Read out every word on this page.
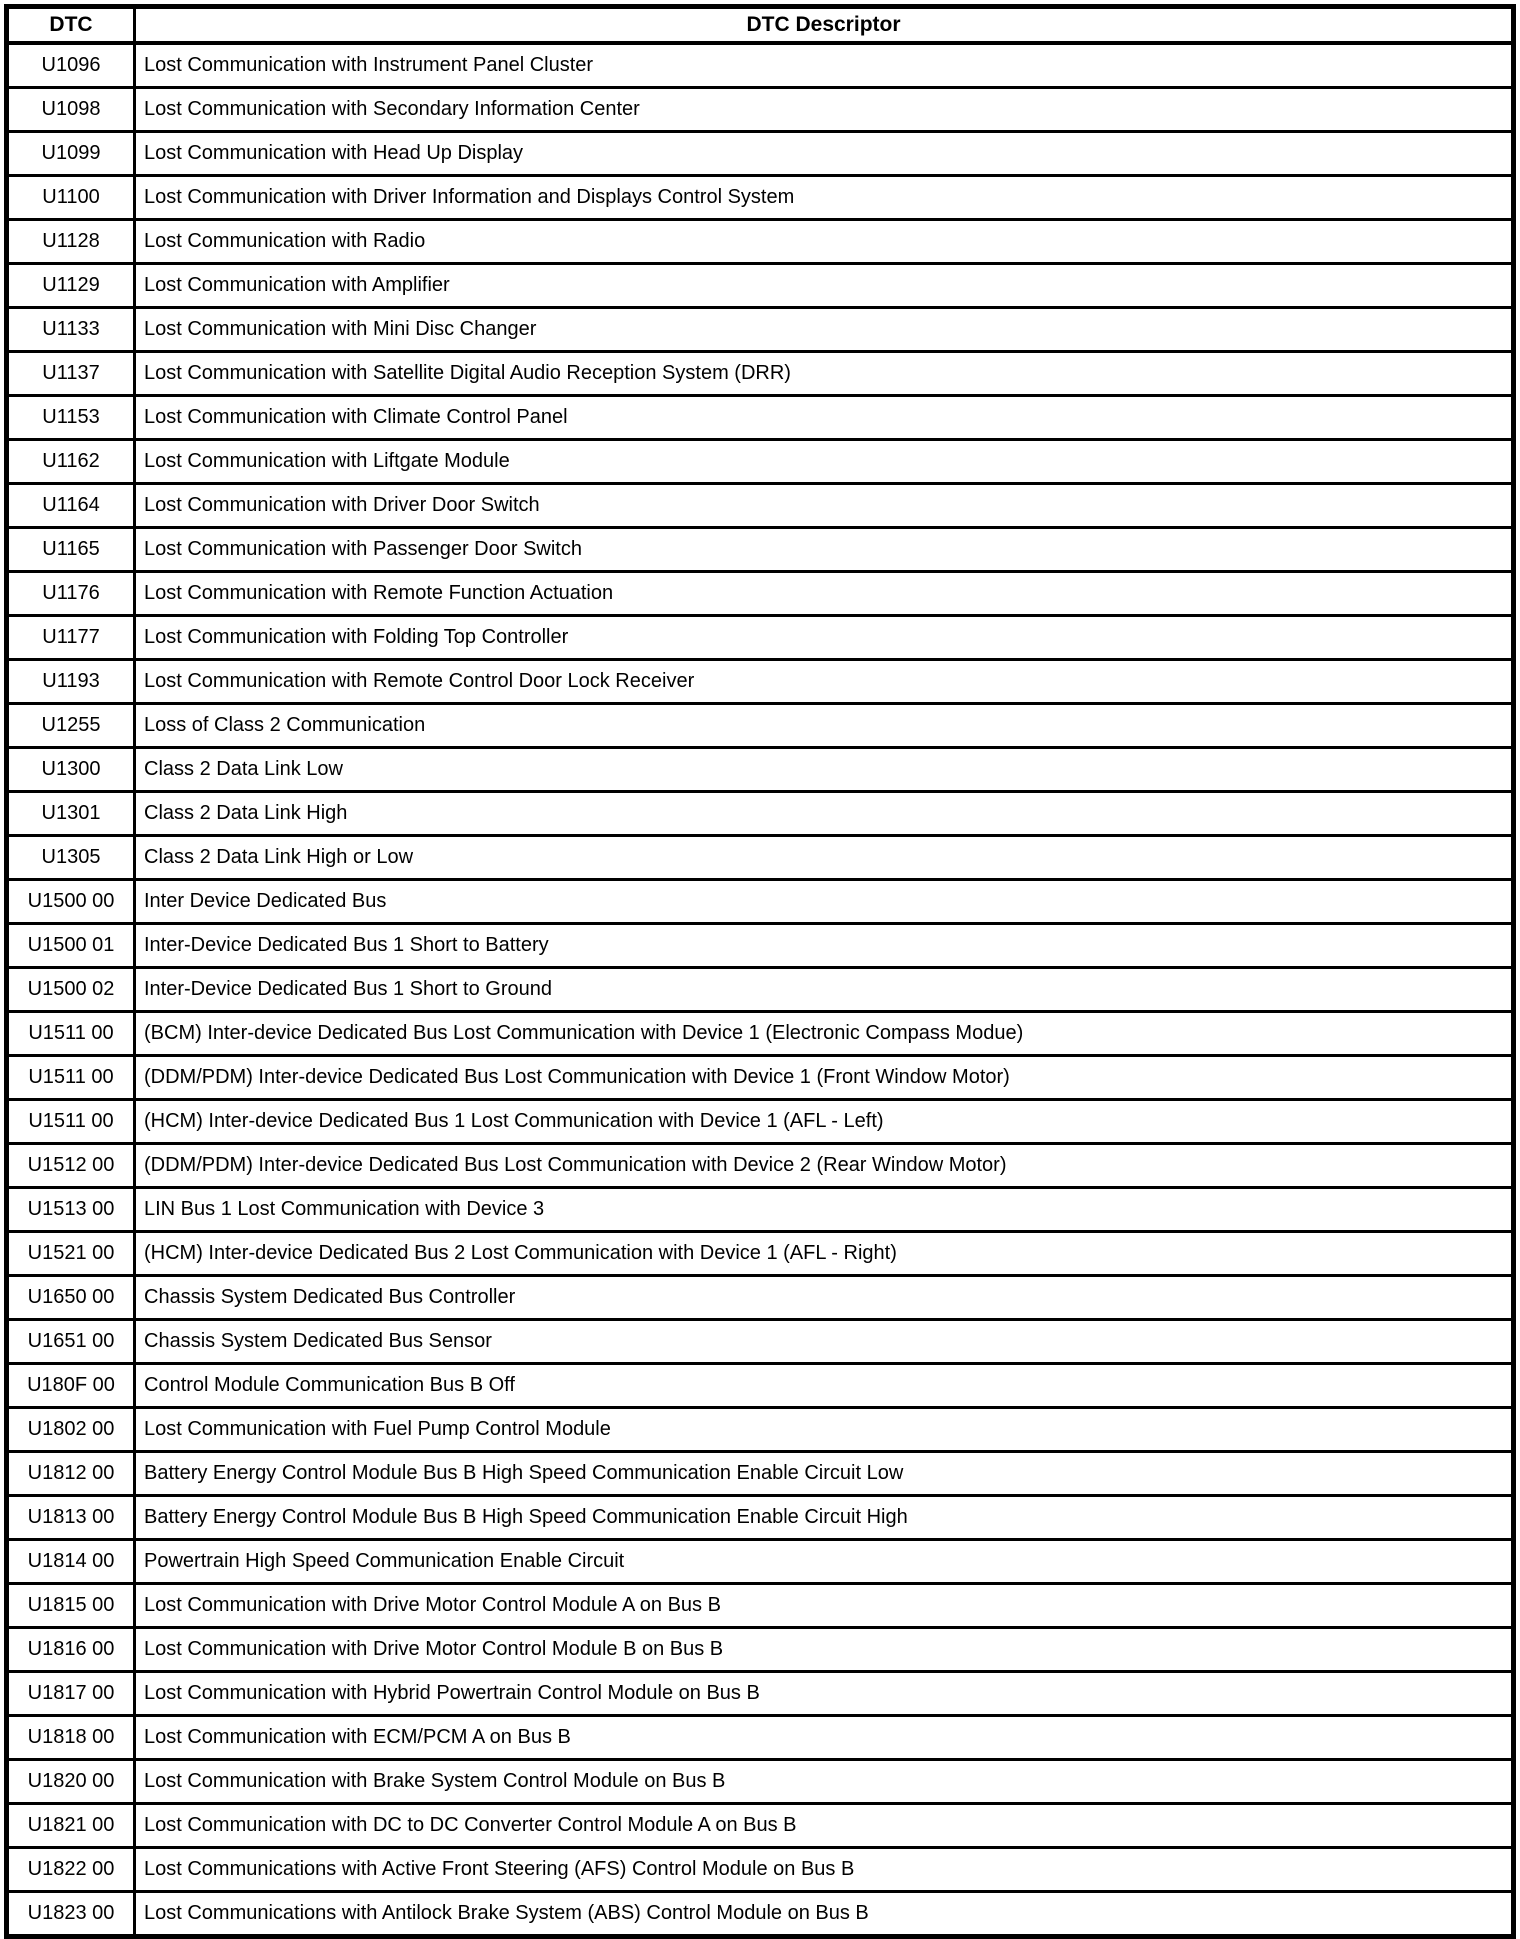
DTC	DTC Descriptor
U1096	Lost Communication with Instrument Panel Cluster
U1098	Lost Communication with Secondary Information Center
U1099	Lost Communication with Head Up Display
U1100	Lost Communication with Driver Information and Displays Control System
U1128	Lost Communication with Radio
U1129	Lost Communication with Amplifier
U1133	Lost Communication with Mini Disc Changer
U1137	Lost Communication with Satellite Digital Audio Reception System (DRR)
U1153	Lost Communication with Climate Control Panel
U1162	Lost Communication with Liftgate Module
U1164	Lost Communication with Driver Door Switch
U1165	Lost Communication with Passenger Door Switch
U1176	Lost Communication with Remote Function Actuation
U1177	Lost Communication with Folding Top Controller
U1193	Lost Communication with Remote Control Door Lock Receiver
U1255	Loss of Class 2 Communication
U1300	Class 2 Data Link Low
U1301	Class 2 Data Link High
U1305	Class 2 Data Link High or Low
U1500 00	Inter Device Dedicated Bus
U1500 01	Inter-Device Dedicated Bus 1 Short to Battery
U1500 02	Inter-Device Dedicated Bus 1 Short to Ground
U1511 00	(BCM) Inter-device Dedicated Bus Lost Communication with Device 1 (Electronic Compass Modue)
U1511 00	(DDM/PDM) Inter-device Dedicated Bus Lost Communication with Device 1 (Front Window Motor)
U1511 00	(HCM) Inter-device Dedicated Bus 1 Lost Communication with Device 1 (AFL - Left)
U1512 00	(DDM/PDM) Inter-device Dedicated Bus Lost Communication with Device 2 (Rear Window Motor)
U1513 00	LIN Bus 1 Lost Communication with Device 3
U1521 00	(HCM) Inter-device Dedicated Bus 2 Lost Communication with Device 1 (AFL - Right)
U1650 00	Chassis System Dedicated Bus Controller
U1651 00	Chassis System Dedicated Bus Sensor
U180F 00	Control Module Communication Bus B Off
U1802 00	Lost Communication with Fuel Pump Control Module
U1812 00	Battery Energy Control Module Bus B High Speed Communication Enable Circuit Low
U1813 00	Battery Energy Control Module Bus B High Speed Communication Enable Circuit High
U1814 00	Powertrain High Speed Communication Enable Circuit
U1815 00	Lost Communication with Drive Motor Control Module A on Bus B
U1816 00	Lost Communication with Drive Motor Control Module B on Bus B
U1817 00	Lost Communication with Hybrid Powertrain Control Module on Bus B
U1818 00	Lost Communication with ECM/PCM A on Bus B
U1820 00	Lost Communication with Brake System Control Module on Bus B
U1821 00	Lost Communication with DC to DC Converter Control Module A on Bus B
U1822 00	Lost Communications with Active Front Steering (AFS) Control Module on Bus B
U1823 00	Lost Communications with Antilock Brake System (ABS) Control Module on Bus B
